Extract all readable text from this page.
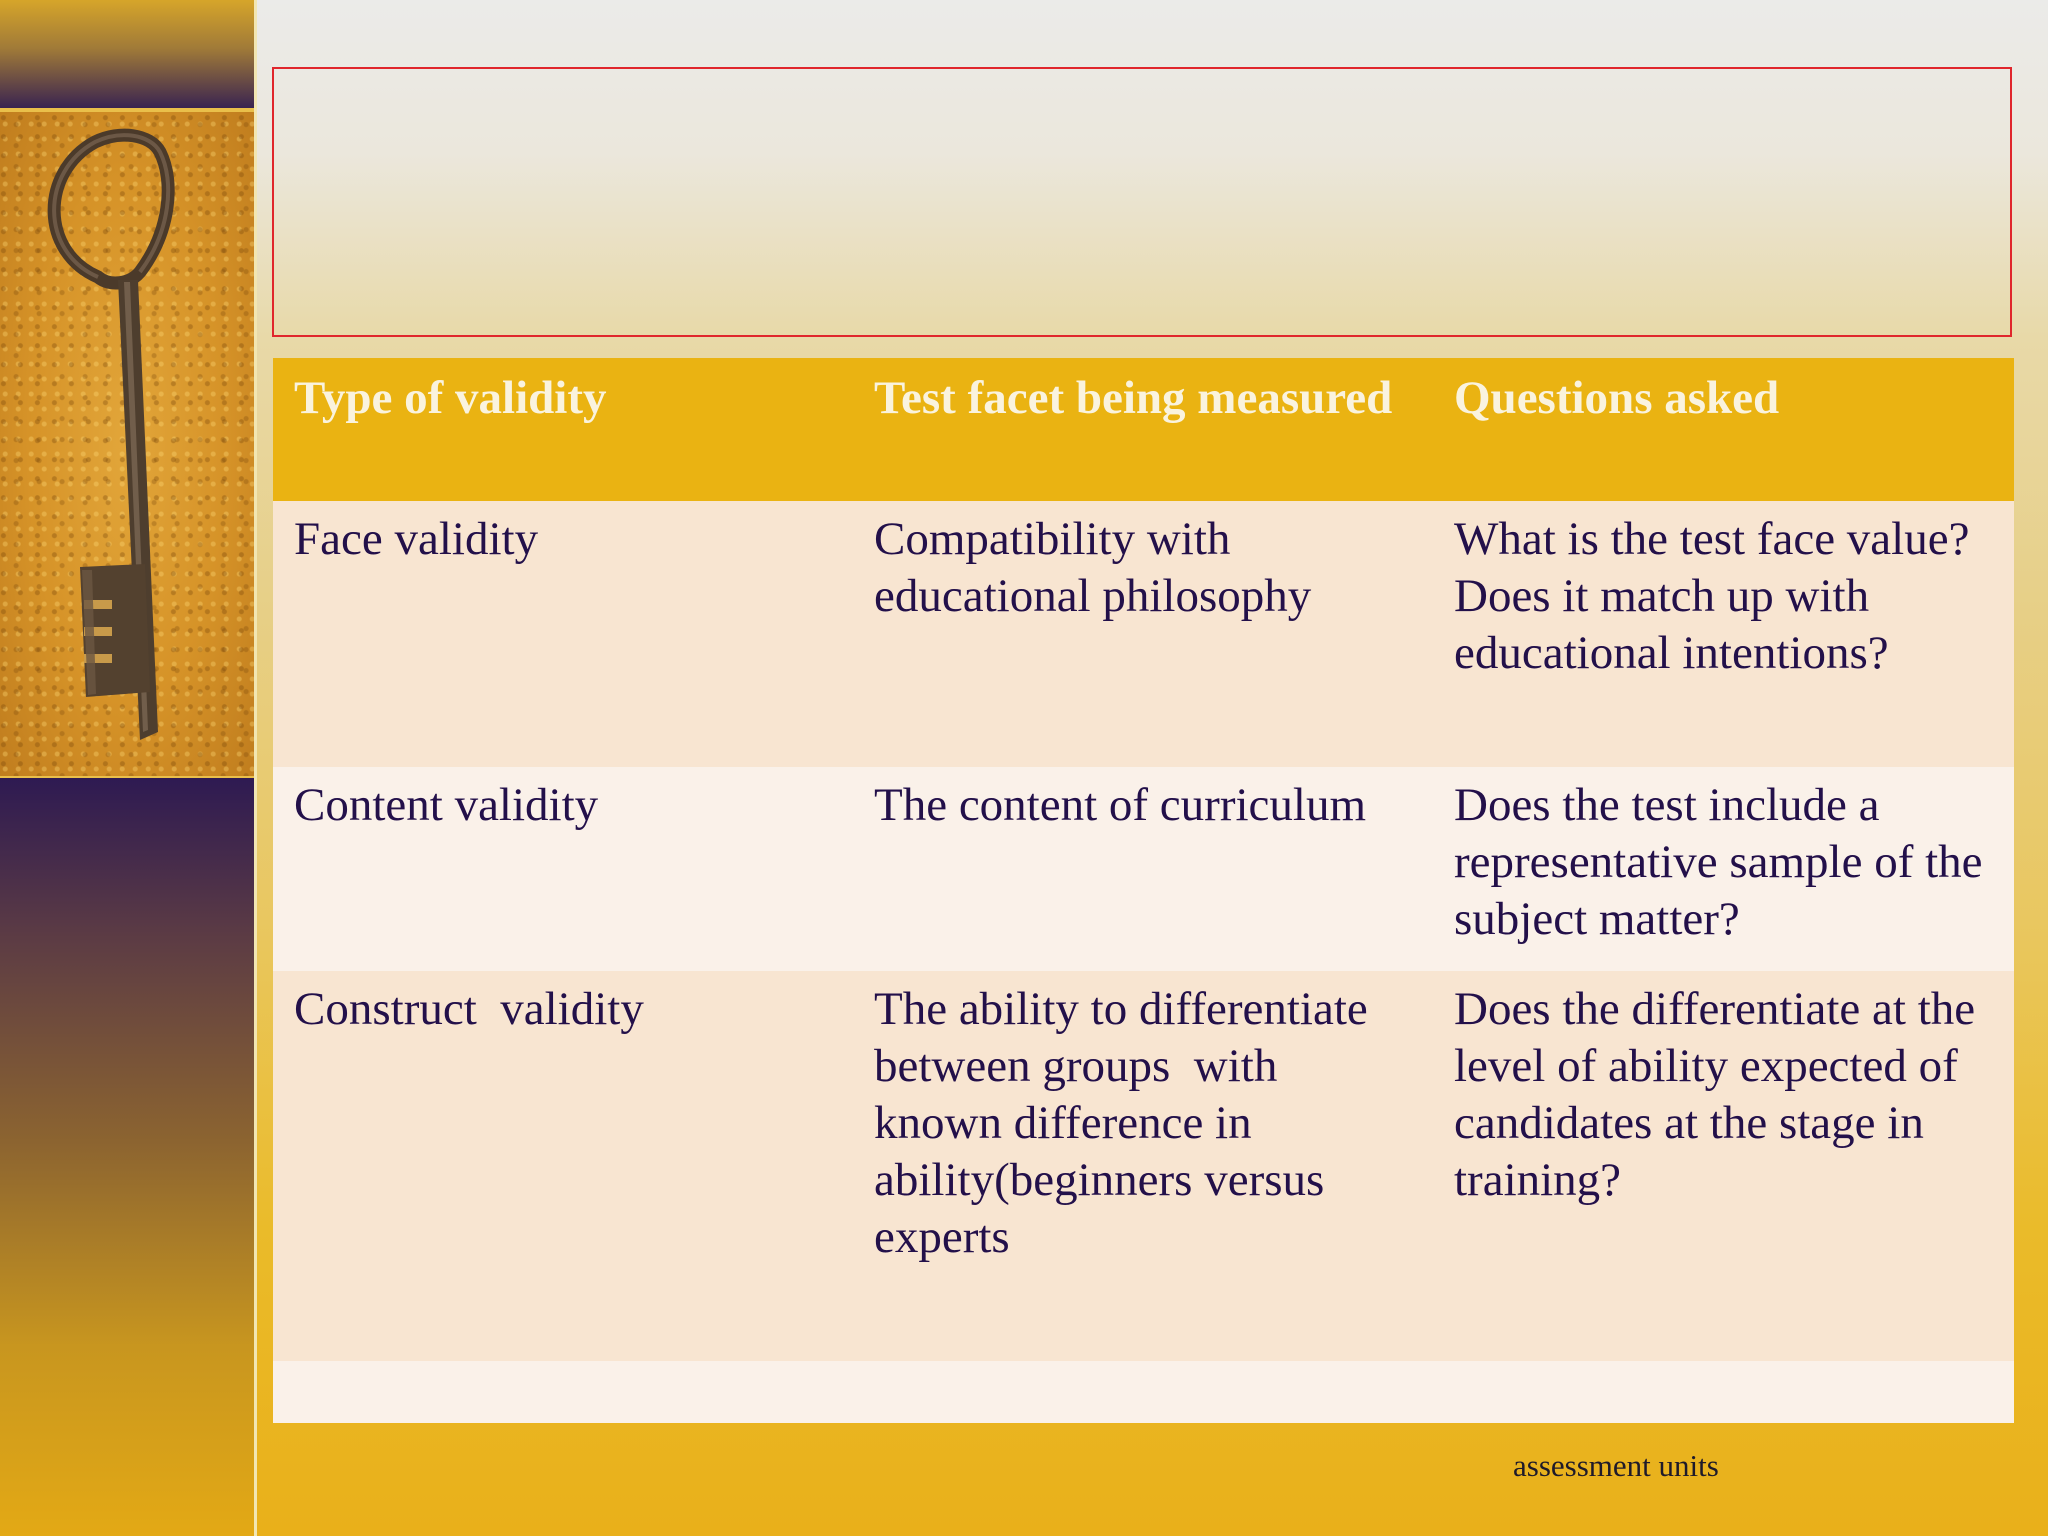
Type of validity	Test facet being measured	Questions asked
Face validity	Compatibility with educational philosophy	What is the test face value? Does it match up with educational intentions?
Content validity	The content of curriculum	Does the test include a representative sample of the subject matter?
Construct  validity	The ability to differentiate between groups  with known difference in ability(beginners versus experts	Does the differentiate at the level of ability expected of candidates at the stage in training?

assessment units
